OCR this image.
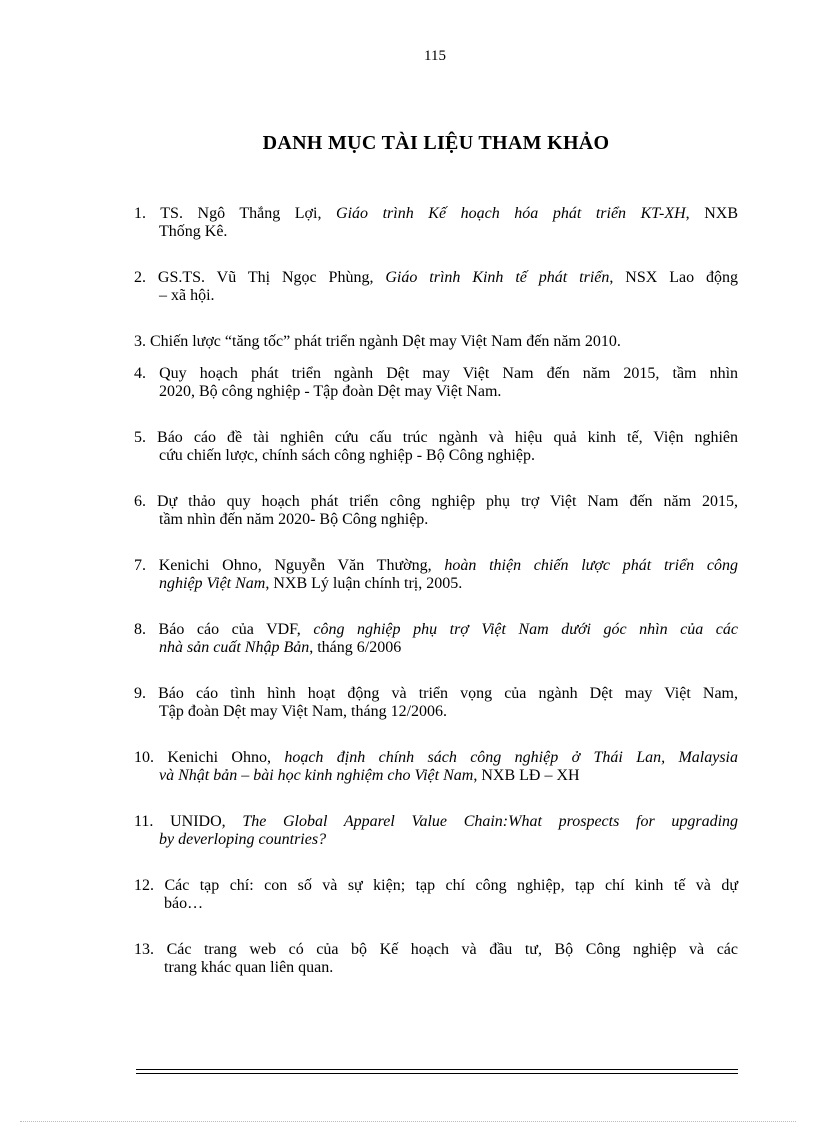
115
DANH MỤC TÀI LIỆU THAM KHẢO
1. TS. Ngô Thắng Lợi, Giáo trình Kế hoạch hóa phát triển KT-XH, NXB
Thống Kê.
2. GS.TS. Vũ Thị Ngọc Phùng, Giáo trình Kinh tế phát triển, NSX Lao động
– xã hội.
3. Chiến lược “tăng tốc” phát triển ngành Dệt may Việt Nam đến năm 2010.
4. Quy hoạch phát triển ngành Dệt may Việt Nam đến năm 2015, tầm nhìn
2020, Bộ công nghiệp - Tập đoàn Dệt may Việt Nam.
5. Báo cáo đề tài nghiên cứu cấu trúc ngành và hiệu quả kinh tế, Viện nghiên
cứu chiến lược, chính sách công nghiệp - Bộ Công nghiệp.
6. Dự thảo quy hoạch phát triển công nghiệp phụ trợ Việt Nam đến năm 2015,
tầm nhìn đến năm 2020- Bộ Công nghiệp.
7. Kenichi Ohno, Nguyễn Văn Thường, hoàn thiện chiến lược phát triển công
nghiệp Việt Nam, NXB Lý luận chính trị, 2005.
8. Báo cáo của VDF, công nghiệp phụ trợ Việt Nam dưới góc nhìn của các
nhà sản cuất Nhập Bản, tháng 6/2006
9. Báo cáo tình hình hoạt động và triển vọng của ngành Dệt may Việt Nam,
Tập đoàn Dệt may Việt Nam, tháng 12/2006.
10. Kenichi Ohno, hoạch định chính sách công nghiệp ở Thái Lan, Malaysia
và Nhật bản – bài học kinh nghiệm cho Việt Nam, NXB LĐ – XH
11. UNIDO, The Global Apparel Value Chain:What prospects for upgrading
by deverloping countries?
12. Các tạp chí: con số và sự kiện; tạp chí công nghiệp, tạp chí kinh tế và dự
báo…
13. Các trang web có của bộ Kế hoạch và đầu tư, Bộ Công nghiệp và các
trang khác quan liên quan.
